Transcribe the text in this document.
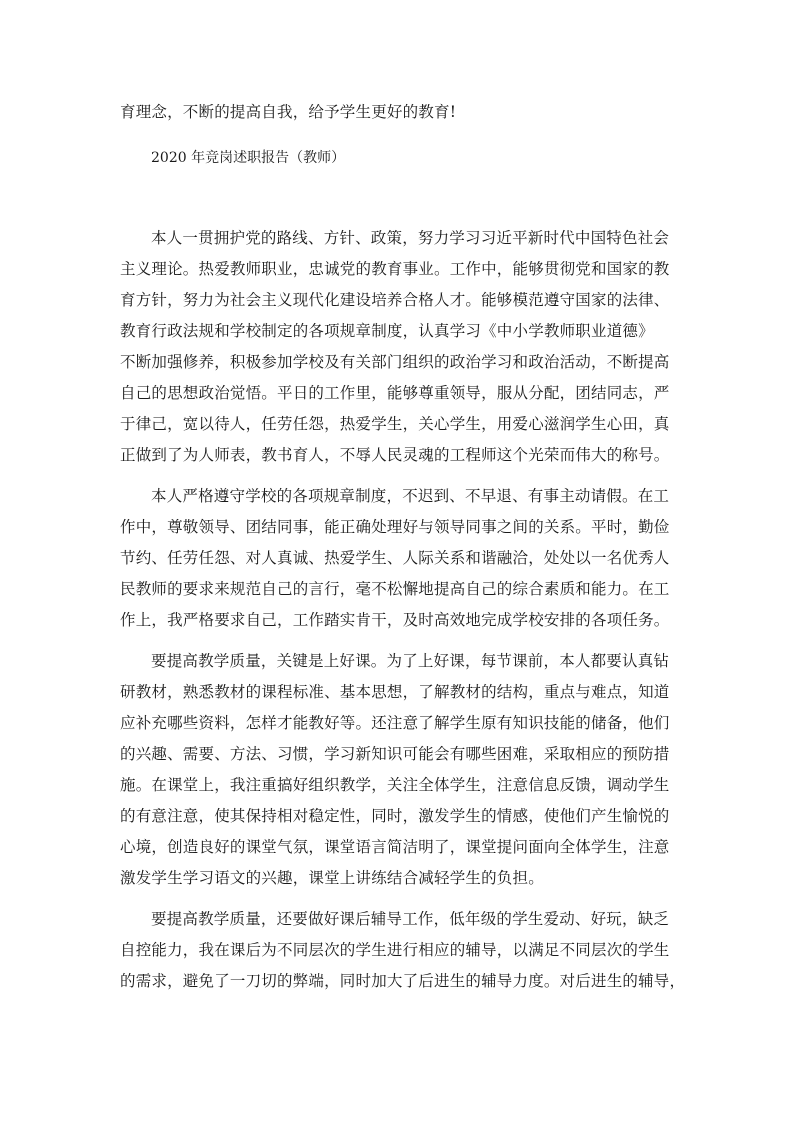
育理念，不断的提高自我，给予学生更好的教育!
2020 年竞岗述职报告（教师）
本人一贯拥护党的路线、方针、政策，努力学习习近平新时代中国特色社会
主义理论。热爱教师职业，忠诚党的教育事业。工作中，能够贯彻党和国家的教
育方针，努力为社会主义现代化建设培养合格人才。能够模范遵守国家的法律、
教育行政法规和学校制定的各项规章制度，认真学习《中小学教师职业道德》
不断加强修养，积极参加学校及有关部门组织的政治学习和政治活动，不断提高
自己的思想政治觉悟。平日的工作里，能够尊重领导，服从分配，团结同志，严
于律己，宽以待人，任劳任怨，热爱学生，关心学生，用爱心滋润学生心田，真
正做到了为人师表，教书育人，不辱人民灵魂的工程师这个光荣而伟大的称号。
本人严格遵守学校的各项规章制度，不迟到、不早退、有事主动请假。在工
作中，尊敬领导、团结同事，能正确处理好与领导同事之间的关系。平时，勤俭
节约、任劳任怨、对人真诚、热爱学生、人际关系和谐融洽，处处以一名优秀人
民教师的要求来规范自己的言行，毫不松懈地提高自己的综合素质和能力。在工
作上，我严格要求自己，工作踏实肯干，及时高效地完成学校安排的各项任务。
要提高教学质量，关键是上好课。为了上好课，每节课前，本人都要认真钻
研教材，熟悉教材的课程标准、基本思想，了解教材的结构，重点与难点，知道
应补充哪些资料，怎样才能教好等。还注意了解学生原有知识技能的储备，他们
的兴趣、需要、方法、习惯，学习新知识可能会有哪些困难，采取相应的预防措
施。在课堂上，我注重搞好组织教学，关注全体学生，注意信息反馈，调动学生
的有意注意，使其保持相对稳定性，同时，激发学生的情感，使他们产生愉悦的
心境，创造良好的课堂气氛，课堂语言简洁明了，课堂提问面向全体学生，注意
激发学生学习语文的兴趣，课堂上讲练结合减轻学生的负担。
要提高教学质量，还要做好课后辅导工作，低年级的学生爱动、好玩，缺乏
自控能力，我在课后为不同层次的学生进行相应的辅导，以满足不同层次的学生
的需求，避免了一刀切的弊端，同时加大了后进生的辅导力度。对后进生的辅导，
